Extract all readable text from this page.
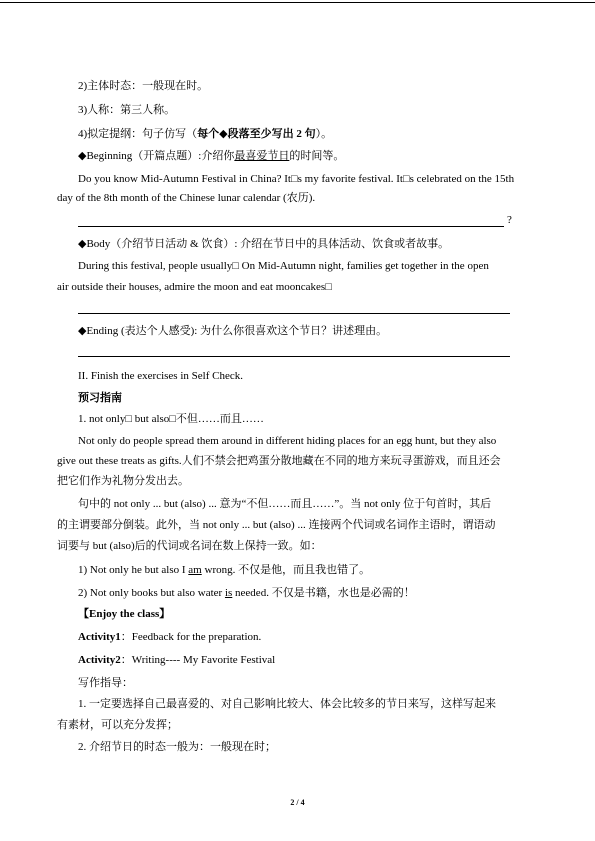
2)主体时态：一般现在时。
3)人称：第三人称。
4)拟定提纲：句子仿写（每个◆段落至少写出 2 句）。
◆Beginning（开篇点题）:介绍你最喜爱节日的时间等。
Do you know Mid-Autumn Festival in China? It□s my favorite festival. It□s celebrated on the 15th
day of the 8th month of the Chinese lunar calendar (农历).
?
◆Body（介绍节日活动 & 饮食）: 介绍在节日中的具体活动、饮食或者故事。
During this festival, people usually□ On Mid-Autumn night, families get together in the open
air outside their houses, admire the moon and eat mooncakes□
◆Ending (表达个人感受): 为什么你很喜欢这个节日？讲述理由。
II. Finish the exercises in Self Check.
预习指南
1. not only□ but also□不但……而且……
Not only do people spread them around in different hiding places for an egg hunt, but they also
give out these treats as gifts.人们不禁会把鸡蛋分散地藏在不同的地方来玩寻蛋游戏，而且还会
把它们作为礼物分发出去。
句中的 not only ... but (also) ... 意为“不但……而且……”。当 not only 位于句首时，其后
的主谓要部分倒装。此外，当 not only ... but (also) ... 连接两个代词或名词作主语时，谓语动
词要与 but (also)后的代词或名词在数上保持一致。如：
1) Not only he but also I am wrong. 不仅是他，而且我也错了。
2) Not only books but also water is needed. 不仅是书籍，水也是必需的！
【Enjoy the class】
Activity1：Feedback for the preparation.
Activity2：Writing---- My Favorite Festival
写作指导：
1. 一定要选择自己最喜爱的、对自己影响比较大、体会比较多的节日来写，这样写起来
有素材，可以充分发挥；
2. 介绍节日的时态一般为：一般现在时；
2 / 4
